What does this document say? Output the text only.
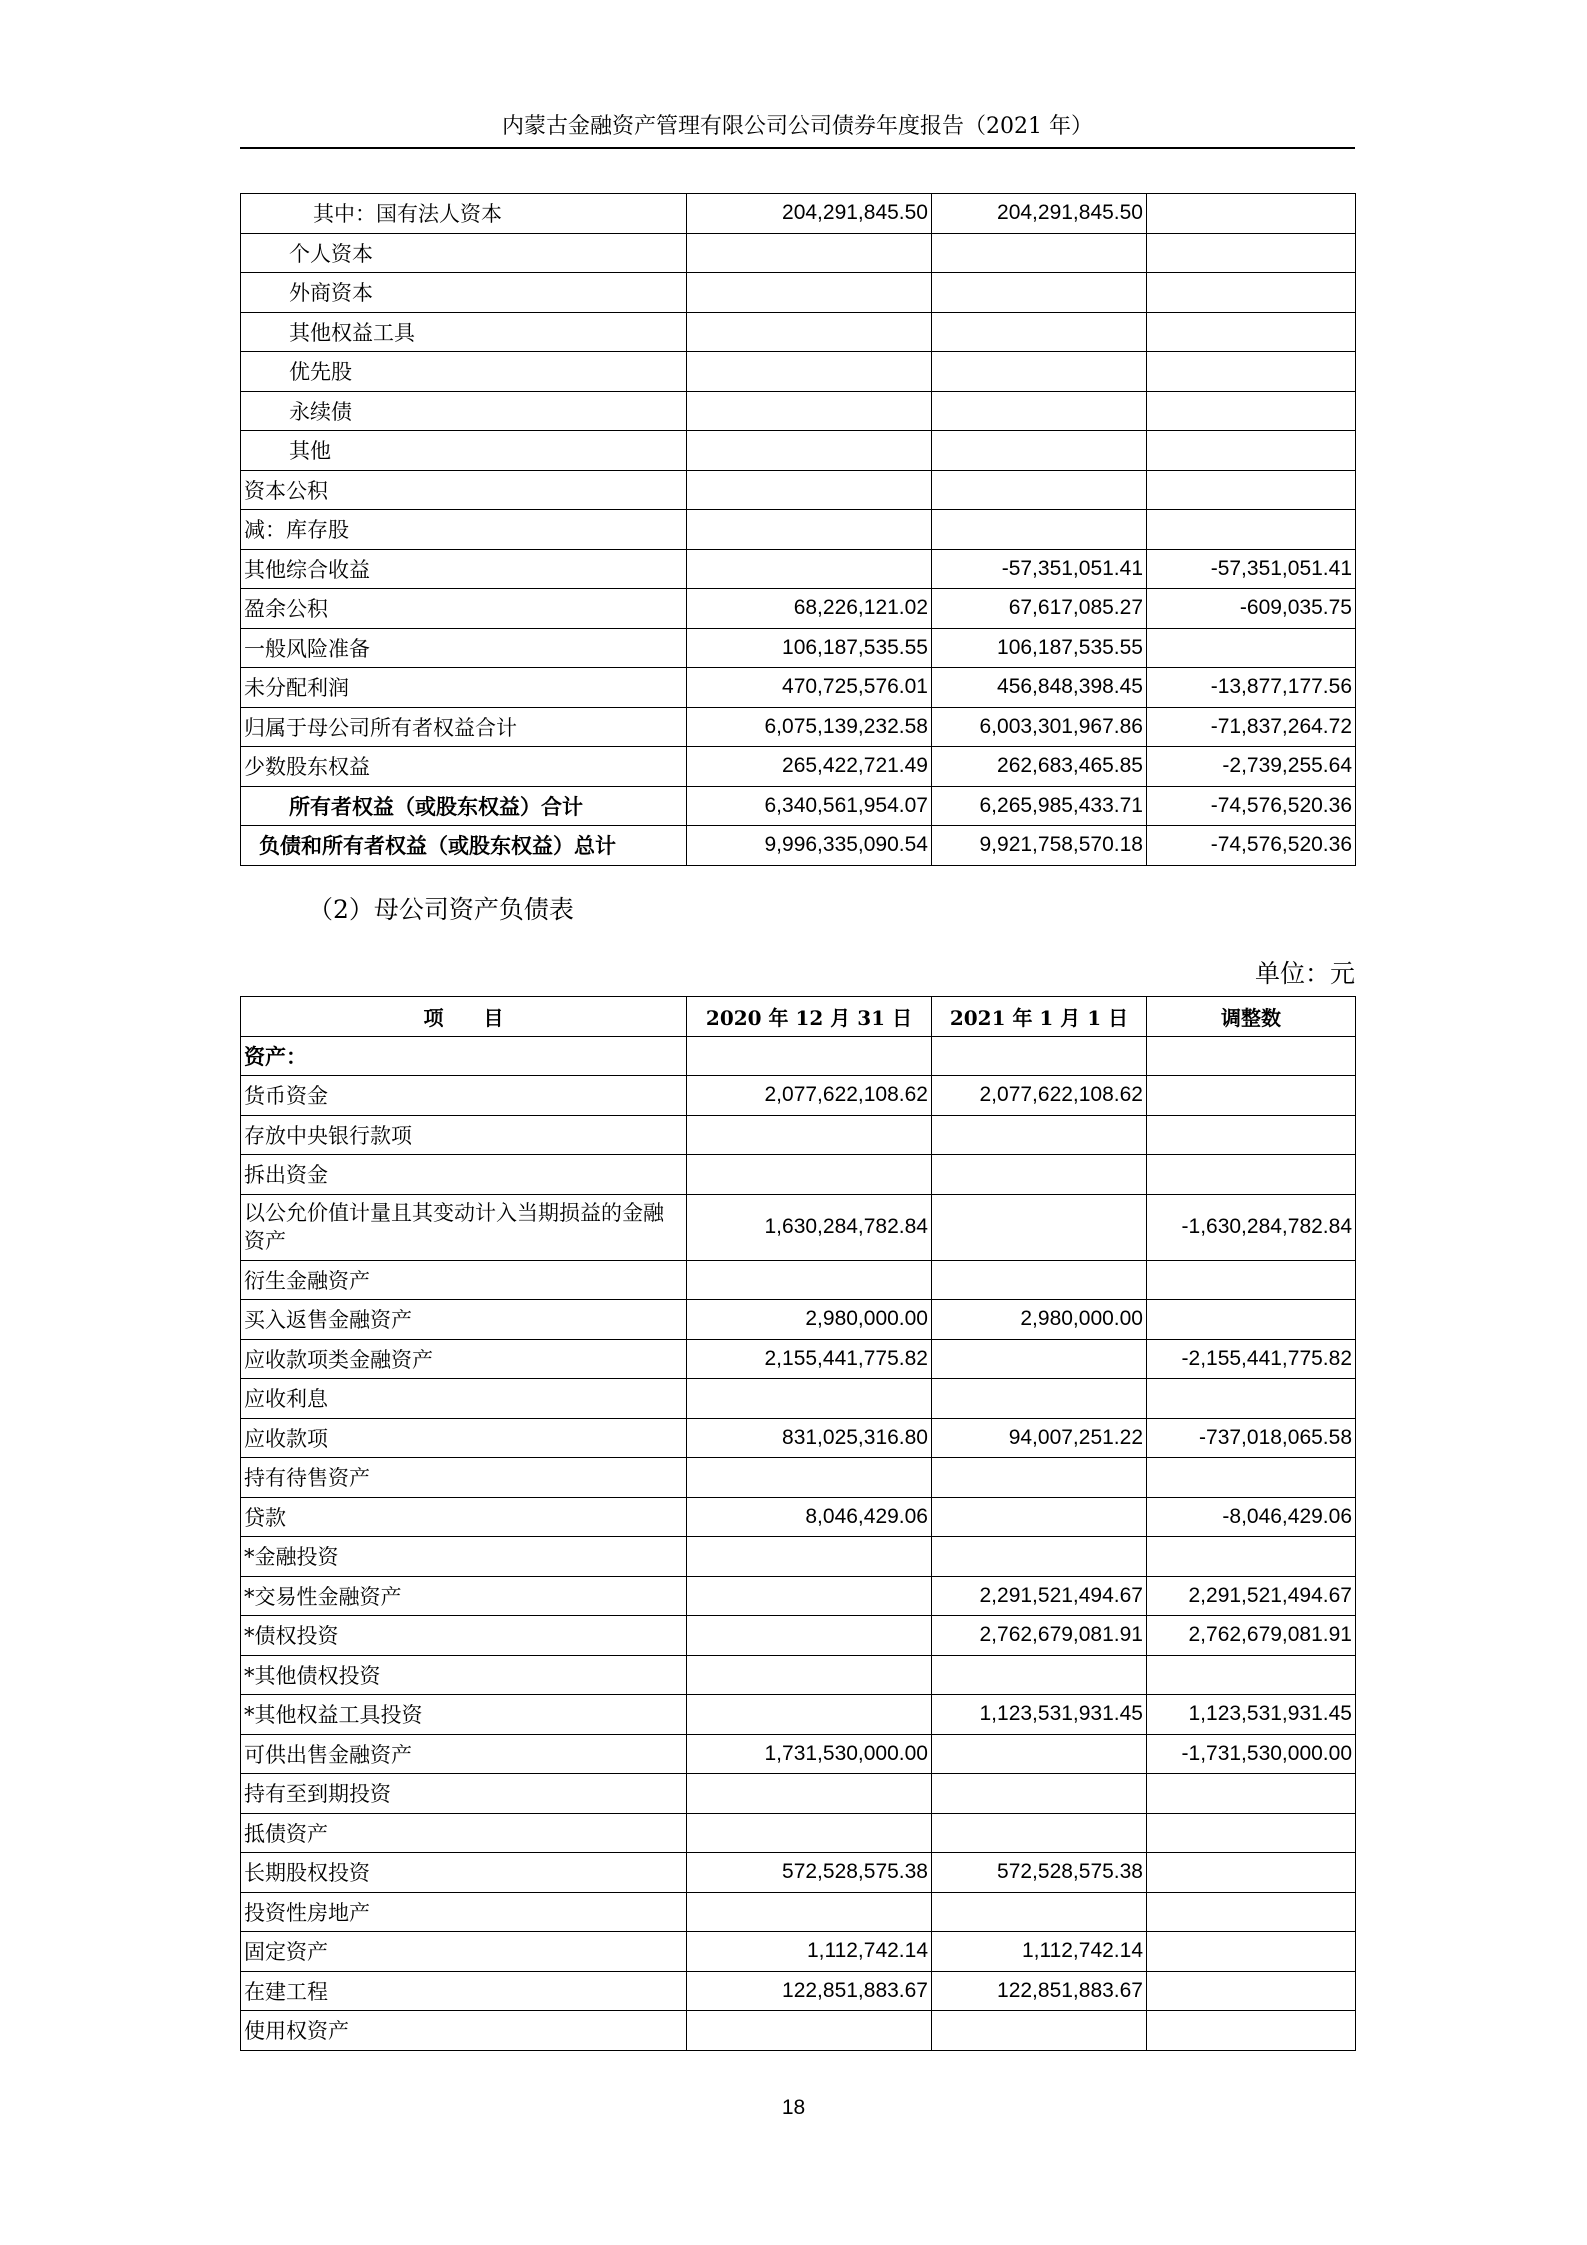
内蒙古金融资产管理有限公司公司债券年度报告（2021 年）
其中：国有法人资本	204,291,845.50	204,291,845.50	
个人资本			
外商资本			
其他权益工具			
优先股			
永续债			
其他			
资本公积			
减：库存股			
其他综合收益		-57,351,051.41	-57,351,051.41
盈余公积	68,226,121.02	67,617,085.27	-609,035.75
一般风险准备	106,187,535.55	106,187,535.55	
未分配利润	470,725,576.01	456,848,398.45	-13,877,177.56
归属于母公司所有者权益合计	6,075,139,232.58	6,003,301,967.86	-71,837,264.72
少数股东权益	265,422,721.49	262,683,465.85	-2,739,255.64
所有者权益（或股东权益）合计	6,340,561,954.07	6,265,985,433.71	-74,576,520.36
负债和所有者权益（或股东权益）总计	9,996,335,090.54	9,921,758,570.18	-74,576,520.36
（2）母公司资产负债表
单位：元
项　　目	2020 年 12 月 31 日	2021 年 1 月 1 日	调整数
资产：			
货币资金	2,077,622,108.62	2,077,622,108.62	
存放中央银行款项			
拆出资金			
以公允价值计量且其变动计入当期损益的金融资产	1,630,284,782.84		-1,630,284,782.84
衍生金融资产			
买入返售金融资产	2,980,000.00	2,980,000.00	
应收款项类金融资产	2,155,441,775.82		-2,155,441,775.82
应收利息			
应收款项	831,025,316.80	94,007,251.22	-737,018,065.58
持有待售资产			
贷款	8,046,429.06		-8,046,429.06
*金融投资			
*交易性金融资产		2,291,521,494.67	2,291,521,494.67
*债权投资		2,762,679,081.91	2,762,679,081.91
*其他债权投资			
*其他权益工具投资		1,123,531,931.45	1,123,531,931.45
可供出售金融资产	1,731,530,000.00		-1,731,530,000.00
持有至到期投资			
抵债资产			
长期股权投资	572,528,575.38	572,528,575.38	
投资性房地产			
固定资产	1,112,742.14	1,112,742.14	
在建工程	122,851,883.67	122,851,883.67	
使用权资产			
18
